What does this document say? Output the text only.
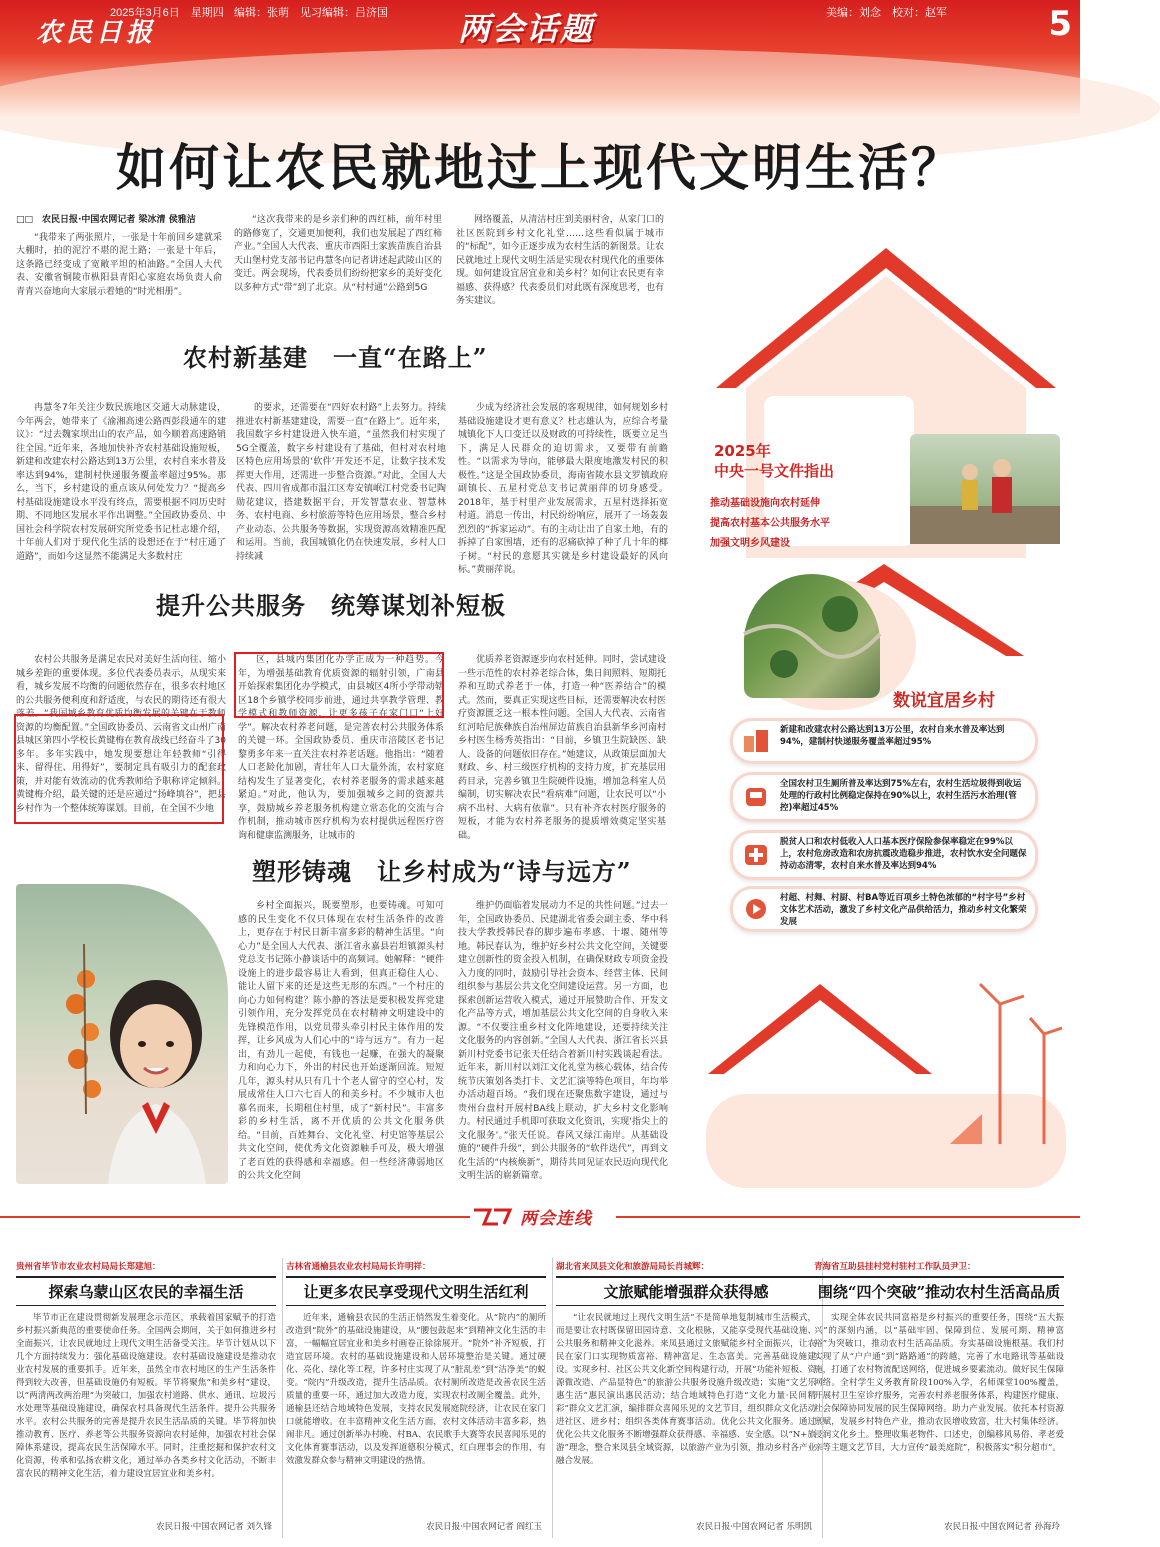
农民日报
2025年3月6日　星期四 编辑：张萌　见习编辑：吕济国 两会话题	美编：刘念　校对：赵军	5
如何让农民就地过上现代文明生活？

□□　农民日报·中国农网记者 梁冰清 侯雅洁

“我带来了两张照片，一张是十年前回乡建就采大棚时，拍的泥泞不堪的泥土路；一张是十年后，这条路已经变成了宽敞平坦的柏油路。”全国人大代表、安徽省铜陵市枞阳县青阳心家庭农场负责人俞青青兴奋地向大家展示着她的“时光相册”。

“这次我带来的是乡亲们种的西红柿，前年村里的路修宽了，交通更加便利，我们也发展起了西红柿产业。”全国人大代表、重庆市西阳土家族苗族自治县天山堡村党支部书记冉慧冬向记者讲述起武陵山区的变迁。两会现场，代表委员们纷纷把家乡的美好变化以多种方式“带”到了北京。从“村村通”公路到5G

网络覆盖，从清洁村庄到美丽村舍，从家门口的社区医院到乡村文化礼堂……这些看似属于城市的“标配”，如今正逐步成为农村生活的新图景。让农民就地过上现代文明生活是实现农村现代化的重要体现。如何建设宜居宜业和美乡村？如何让农民更有幸福感、获得感？代表委员们对此既有深度思考，也有务实建议。

农村新基建　一直“在路上”

冉慧冬7年关注少数民族地区交通大动脉建设，今年两会，她带来了《渝湘高速公路西彭段通车的建议》：“过去魏家坝出山的农产品，如今顺着高速路销往全国。”近年来，各地加快补齐农村基础设施短板，新建和改建农村公路达到13万公里，农村自来水普及率达到94%，建制村快递服务覆盖率超过95%。那么，当下，乡村建设的重点该从何处发力？“提高乡村基础设施建设水平没有终点，需要根据不同历史时期、不同地区发展水平作出调整。”全国政协委员、中国社会科学院农村发展研究所党委书记杜志雄介绍，十年前人们对于现代化生活的设想还在于“村庄通了道路”，而如今这显然不能满足大多数村庄

的要求，还需要在“四好农村路”上去努力。持续推进农村新基建建设，需要一直“在路上”。近年来，我国数字乡村建设进入快车道，“虽然我们村实现了5G全覆盖，数字乡村建设有了基础，但村对农村地区特色应用场景的‘软件’开发还不足，让数字技术发挥更大作用，还需进一步整合资源。”对此，全国人大代表、四川省成都市温江区寿安镇岷江村党委书记陶勋花建议，搭建数据平台，开发智慧农业、智慧林务、农村电商、乡村旅游等特色应用场景，整合乡村产业动态、公共服务等数据，实现资源高效精准匹配和运用。当前，我国城镇化仍在快速发展，乡村人口持续减

少成为经济社会发展的客观规律，如何规划乡村基础设施建设才更有意义？杜志雄认为，应综合考量城镇化下人口变迁以及财政的可持续性，既要立足当下，满足人民群众的迫切需求，又要带有前瞻性。“以需求为导向，能够最大限度地激发村民的积极性。”这是全国政协委员，海南省陵水县文罗镇政府副镇长、五星村党总支书记黄丽萍的切身感受。2018年，基于村里产业发展需求，五星村选择拓宽村道。消息一传出，村民纷纷响应，展开了一场轰轰烈烈的“拆家运动”。有的主动让出了自家土地，有的拆掉了自家围墙，还有的忍痛砍掉了种了几十年的椰子树。“村民的意愿其实就是乡村建设最好的风向标。”黄丽萍说。

提升公共服务　统筹谋划补短板

农村公共服务是满足农民对美好生活向往、缩小城乡差距的重要体现。多位代表委员表示，从现实来看，城乡发展不均衡的问题依然存在，很多农村地区的公共服务便利度和舒适度，与农民的期待还有很大落差。“我国城乡教育优质均衡发展的关键在于教师资源的均衡配置。”全国政协委员、云南省文山州广南县城区第四小学校长黄键梅在教育战线已经奋斗了30多年。多年实践中，她发现要想让年轻教师“引得来、留得住、用得好”，要制定具有吸引力的配套政策，并对能有效流动的优秀教师给予职称评定倾斜。黄键梅介绍，最关键的还是应通过“扬峰填谷”，把县乡村作为一个整体统筹谋划。目前，在全国不少地

区，县城内集团化办学正成为一种趋势。今年，为增强基础教育优质资源的辐射引领，广南县开始探索集团化办学模式，由县城区4所小学带动辖区18个乡镇学校同步前进，通过共享教学管理、教学模式和教师资源，让更多孩子在家门口“上好学”。解决农村养老问题，是完善农村公共服务体系的关键一环。全国政协委员、重庆市涪陵区老书记黎勇多年来一直关注农村养老话题。他指出：“随着人口老龄化加剧，青壮年人口大量外流，农村家庭结构发生了显著变化，农村养老服务的需求越来越紧迫。”对此，他认为，要加强城乡之间的资源共享，鼓励城乡养老服务机构建立常态化的交流与合作机制，推动城市医疗机构为农村提供远程医疗咨询和健康监测服务，让城市的

优质养老资源逐步向农村延伸。同时，尝试建设一些示范性的农村养老综合体，集日间照料、短期托养和互助式养老于一体，打造一种“医养结合”的模式。然而，要真正实现这些目标，还需要解决农村医疗资源匮乏这一根本性问题。全国人大代表、云南省红河哈尼族彝族自治州屏边苗族自治县新华乡河南村乡村医生杨秀英指出：“目前，乡镇卫生院缺医、缺人、设备的问题依旧存在。”她建议，从政策层面加大财政、乡、村三级医疗机构的支持力度，扩充基层用药目录，完善乡镇卫生院硬件设施，增加急科室人员编制，切实解决农民“看病难”问题，让农民可以“小病不出村、大病有依靠”。只有补齐农村医疗服务的短板，才能为农村养老服务的提质增效奠定坚实基础。

塑形铸魂　让乡村成为“诗与远方”

乡村全面振兴，既要塑形，也要铸魂。可知可感的民生变化不仅只体现在农村生活条件的改善上，更存在于村民日新丰富多彩的精神生活里。“向心力”是全国人大代表、浙江省永嘉县岩坦镇源头村党总支书记陈小静谈话中的高频词。她解释：“硬件设施上的进步最容易让人看到，但真正稳住人心、能让人留下来的还是这些无形的东西。”一个村庄的向心力如何构建？陈小静的答法是要积极发挥党建引领作用，充分发挥党员在农村精神文明建设中的先锋模范作用，以党员带头牵引村民主体作用的发挥，让乡风成为人们心中的“诗与远方”。有力一起出，有劲儿一起使，有钱也一起赚，在强大的凝聚力和向心力下，外出的村民也开始逐渐回流。短短几年，源头村从只有几十个老人留守的空心村，发展成常住人口六七百人的和美乡村。不少城市人也慕名而来，长期租住村里，成了“新村民”。丰富多彩的乡村生活，离不开优质的公共文化服务供给。“目前，百姓舞台、文化礼堂、村史馆等基层公共文化空间，使优秀文化资源触手可及，极大增强了老百姓的获得感和幸福感。但一些经济薄弱地区的公共文化空间

维护仍面临着发展动力不足的共性问题。”过去一年，全国政协委员、民建湖北省委会副主委、华中科技大学教授韩民春的脚步遍布孝感、十堰、随州等地。韩民春认为，维护好乡村公共文化空间，关键要建立创新性的资金投入机制，在确保财政专项资金投入力度的同时，鼓励引导社会资本、经营主体、民间组织参与基层公共文化空间建设运营。另一方面，也探索创新运营收入模式，通过开展赞助合作、开发文化产品等方式，增加基层公共文化空间的自身收入来源。“不仅要注重乡村文化阵地建设，还要持续关注文化服务的内容创新。”全国人大代表、浙江省长兴县新川村党委书记张天任结合着新川村实践谈起看法。近年来，新川村以刘江文化礼堂为核心载体，结合传统节庆策划各类打卡、文艺汇演等特色项目，年均举办活动超百场。“我们现在还聚焦数字建设，通过与贵州台盘村开展村BA线上联动，扩大乡村文化影响力。村民通过手机即可获取文化资讯，实现‘指尖上的文化服务’。”张天任说。春风又绿江南岸。从基础设施的“硬件升级”，到公共服务的“软件迭代”，再到文化生活的“内核焕新”，期待共同见证农民迈向现代化文明生活的崭新篇章。

2025年
中央一号文件指出
推动基础设施向农村延伸
提高农村基本公共服务水平
加强文明乡风建设
数说宜居乡村
新建和改建农村公路达到13万公里，农村自来水普及率达到94%，建制村快递服务覆盖率超过95%
全国农村卫生厕所普及率达到75%左右，农村生活垃圾得到收运处理的行政村比例稳定保持在90%以上，农村生活污水治理(管控)率超过45%
脱贫人口和农村低收入人口基本医疗保险参保率稳定在99%以上，农村危房改造和农房抗震改造稳步推进，农村饮水安全问题保持动态清零，农村自来水普及率达到94%
村超、村舞、村厨、村BA等近百项乡土特色浓郁的“村字号”乡村文体艺术活动，激发了乡村文化产品供给活力，推动乡村文化繁荣发展
两会连线
贵州省毕节市农业农村局局长郑建旭：
探索乌蒙山区农民的幸福生活

毕节市正在建设贯彻新发展理念示范区，承载着国家赋予的打造乡村振兴新典范的重要使命任务。全国两会期间，关于如何推进乡村全面振兴，让农民就地过上现代文明生活备受关注。毕节计划从以下几个方面持续发力：强化基础设施建设。农村基础设施建设是推动农业农村发展的重要抓手。近年来，虽然全市农村地区的生产生活条件得到较大改善，但基础设施仍有短板。毕节将聚焦“和美乡村”建设，以“两清两改两治理”为突破口，加强农村道路、供水、通讯、垃圾污水处理等基础设施建设，确保农村具备现代生活条件。提升公共服务水平。农村公共服务的完善是提升农民生活品质的关键。毕节将加快推动教育、医疗、养老等公共服务资源向农村延伸，加强农村社会保障体系建设，提高农民生活保障水平。同时，注重挖掘和保护农村文化资源，传承和弘扬农耕文化，通过举办各类乡村文化活动，不断丰富农民的精神文化生活，着力建设宜居宜业和美乡村。

农民日报·中国农网记者 刘久锋
吉林省通榆县农业农村局局长许明祥：
让更多农民享受现代文明生活红利

近年来，通榆县农民的生活正悄然发生着变化。从“院内”的厕所改造到“院外”的基础设施建设，从“腰包鼓起来”到精神文化生活的丰富，一幅幅宜居宜业和美乡村画卷正徐徐展开。“院外”补齐短板，打造宜居环境。农村的基础设施建设和人居环境整治是关键。通过硬化、亮化、绿化等工程，许多村庄实现了从“脏乱差”到“洁净美”的蜕变。“院内”升级改造，提升生活品质。农村厕所改造是改善农民生活质量的重要一环，通过加大改造力度，实现农村改厕全覆盖。此外，通榆县还结合地域特色发展，支持农民发展庭院经济，让农民在家门口就能增收。在丰富精神文化生活方面，农村文体活动丰富多彩，热闹非凡。通过创新举办村晚、村BA、农民歌手大赛等农民喜闻乐见的文化体育赛事活动，以及发挥道德积分模式，红白理事会的作用，有效激发群众参与精神文明建设的热情。

农民日报·中国农网记者 阎红玉
湖北省来凤县文化和旅游局局长肖城辉：
文旅赋能增强群众获得感

“让农民就地过上现代文明生活”不是简单地复制城市生活模式，而是要让农村既保留田园诗意、文化根脉，又能享受现代基础设施、公共服务和精神文化滋养。来凤县通过文旅赋能乡村全面振兴，让农民在家门口实现物质富裕、精神富足、生态富美。完善基础设施建设。实现乡村、社区公共文化新空间构建行动，开展“功能补短板、资源微改造、产品显特色”的旅游公共服务设施升级改造；实施“文艺乐惠生活”惠民演出惠民活动；结合地域特色打造“文化力量·民间精彩”群众文艺汇演，编排群众喜闻乐见的文艺节目，组织群众文化活动进社区、进乡村；组织各类体育赛事活动。优化公共文化服务。通过优化公共文化服务不断增强群众获得感、幸福感、安全感。以“N+旅游”理念，整合来凤县全域资源，以旅游产业为引领，推动乡村各产业融合发展。

农民日报·中国农网记者 乐明凯
青海省互助县挂村党村驻村工作队员尹卫：
围绕“四个突破”推动农村生活高品质

实现全体农民共同富裕是乡村振兴的重要任务，围绕“五大振兴”的深刻内涵，以“基础牢固、保障到位、发展可期、精神富裕”为突破口，推动农村生活高品质。夯实基础设施根基。我们村实现了从“户户通”到“路路通”的跨越，完善了水电路讯等基础设施，打通了农村物流配送网络，促进城乡要素流动。做好民生保障网络。全村学生义务教育阶段100%入学，名师课堂100%覆盖，开展村卫生室诊疗服务，完善农村养老服务体系，构建医疗健康、社会保障协同发展的民生保障网络。助力产业发展。依托本村资源禀赋，发展乡村特色产业，推动农民增收致富，壮大村集体经济。浸润文化乡土。整理收集老物件、口述史，创编移风易俗、孝老爱亲等主题文艺节目，大力宣传“最美庭院”，积极落实“积分超市”。

农民日报·中国农网记者 孙海玲
